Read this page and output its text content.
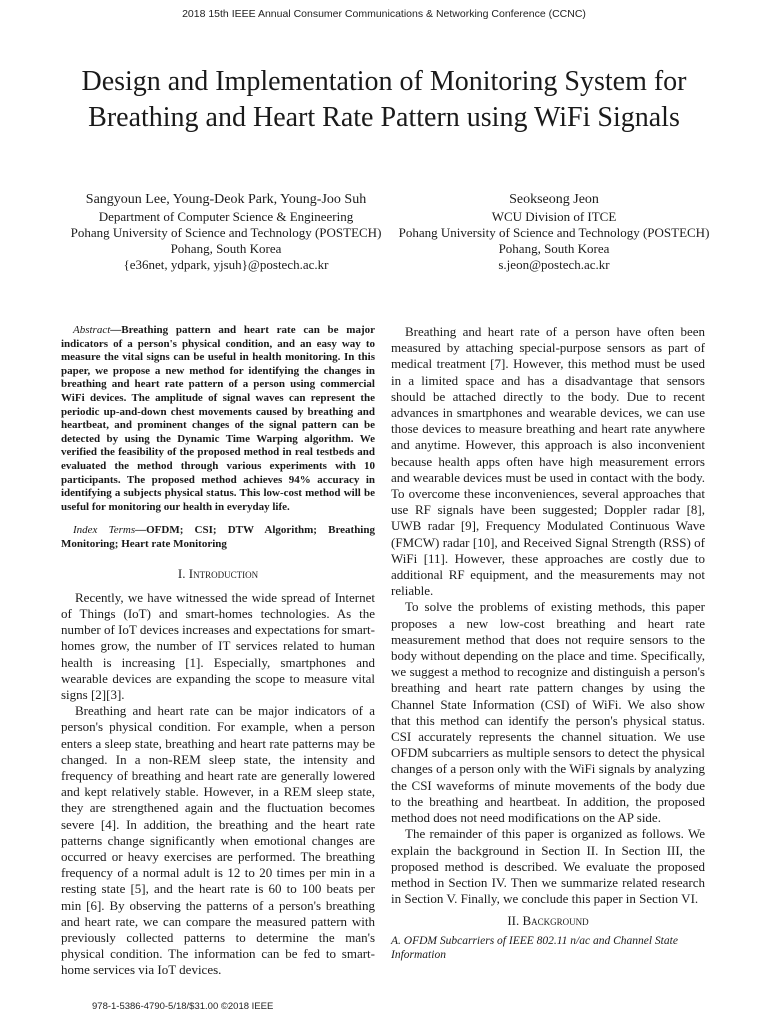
2018 15th IEEE Annual Consumer Communications & Networking Conference (CCNC)
Design and Implementation of Monitoring System for Breathing and Heart Rate Pattern using WiFi Signals
Sangyoun Lee, Young-Deok Park, Young-Joo Suh
Department of Computer Science & Engineering
Pohang University of Science and Technology (POSTECH)
Pohang, South Korea
{e36net, ydpark, yjsuh}@postech.ac.kr
Seokseong Jeon
WCU Division of ITCE
Pohang University of Science and Technology (POSTECH)
Pohang, South Korea
s.jeon@postech.ac.kr

Abstract—Breathing pattern and heart rate can be major indicators of a person's physical condition, and an easy way to measure the vital signs can be useful in health monitoring. In this paper, we propose a new method for identifying the changes in breathing and heart rate pattern of a person using commercial WiFi devices. The amplitude of signal waves can represent the periodic up-and-down chest movements caused by breathing and heartbeat, and prominent changes of the signal pattern can be detected by using the Dynamic Time Warping algorithm. We verified the feasibility of the proposed method in real testbeds and evaluated the method through various experiments with 10 participants. The proposed method achieves 94% accuracy in identifying a subjects physical status. This low-cost method will be useful for monitoring our health in everyday life.

Index Terms—OFDM; CSI; DTW Algorithm; Breathing Monitoring; Heart rate Monitoring

I. Introduction

Recently, we have witnessed the wide spread of Internet of Things (IoT) and smart-homes technologies. As the number of IoT devices increases and expectations for smart-homes grow, the number of IT services related to human health is increasing [1]. Especially, smartphones and wearable devices are expanding the scope to measure vital signs [2][3].

Breathing and heart rate can be major indicators of a person's physical condition. For example, when a person enters a sleep state, breathing and heart rate patterns may be changed. In a non-REM sleep state, the intensity and frequency of breathing and heart rate are generally lowered and kept relatively stable. However, in a REM sleep state, they are strengthened again and the fluctuation becomes severe [4]. In addition, the breathing and the heart rate patterns change significantly when emotional changes are occurred or heavy exercises are performed. The breathing frequency of a normal adult is 12 to 20 times per min in a resting state [5], and the heart rate is 60 to 100 beats per min [6]. By observing the patterns of a person's breathing and heart rate, we can compare the measured pattern with previously collected patterns to determine the man's physical condition. The information can be fed to smart-home services via IoT devices.

Breathing and heart rate of a person have often been measured by attaching special-purpose sensors as part of medical treatment [7]. However, this method must be used in a limited space and has a disadvantage that sensors should be attached directly to the body. Due to recent advances in smartphones and wearable devices, we can use those devices to measure breathing and heart rate anywhere and anytime. However, this approach is also inconvenient because health apps often have high measurement errors and wearable devices must be used in contact with the body. To overcome these inconveniences, several approaches that use RF signals have been suggested; Doppler radar [8], UWB radar [9], Frequency Modulated Continuous Wave (FMCW) radar [10], and Received Signal Strength (RSS) of WiFi [11]. However, these approaches are costly due to additional RF equipment, and the measurements may not reliable.

To solve the problems of existing methods, this paper proposes a new low-cost breathing and heart rate measurement method that does not require sensors to the body without depending on the place and time. Specifically, we suggest a method to recognize and distinguish a person's breathing and heart rate pattern changes by using the Channel State Information (CSI) of WiFi. We also show that this method can identify the person's physical status. CSI accurately represents the channel situation. We use OFDM subcarriers as multiple sensors to detect the physical changes of a person only with the WiFi signals by analyzing the CSI waveforms of minute movements of the body due to the breathing and heartbeat. In addition, the proposed method does not need modifications on the AP side.

The remainder of this paper is organized as follows. We explain the background in Section II. In Section III, the proposed method is described. We evaluate the proposed method in Section IV. Then we summarize related research in Section V. Finally, we conclude this paper in Section VI.

II. Background
A. OFDM Subcarriers of IEEE 802.11 n/ac and Channel State Information
978-1-5386-4790-5/18/$31.00 ©2018 IEEE
